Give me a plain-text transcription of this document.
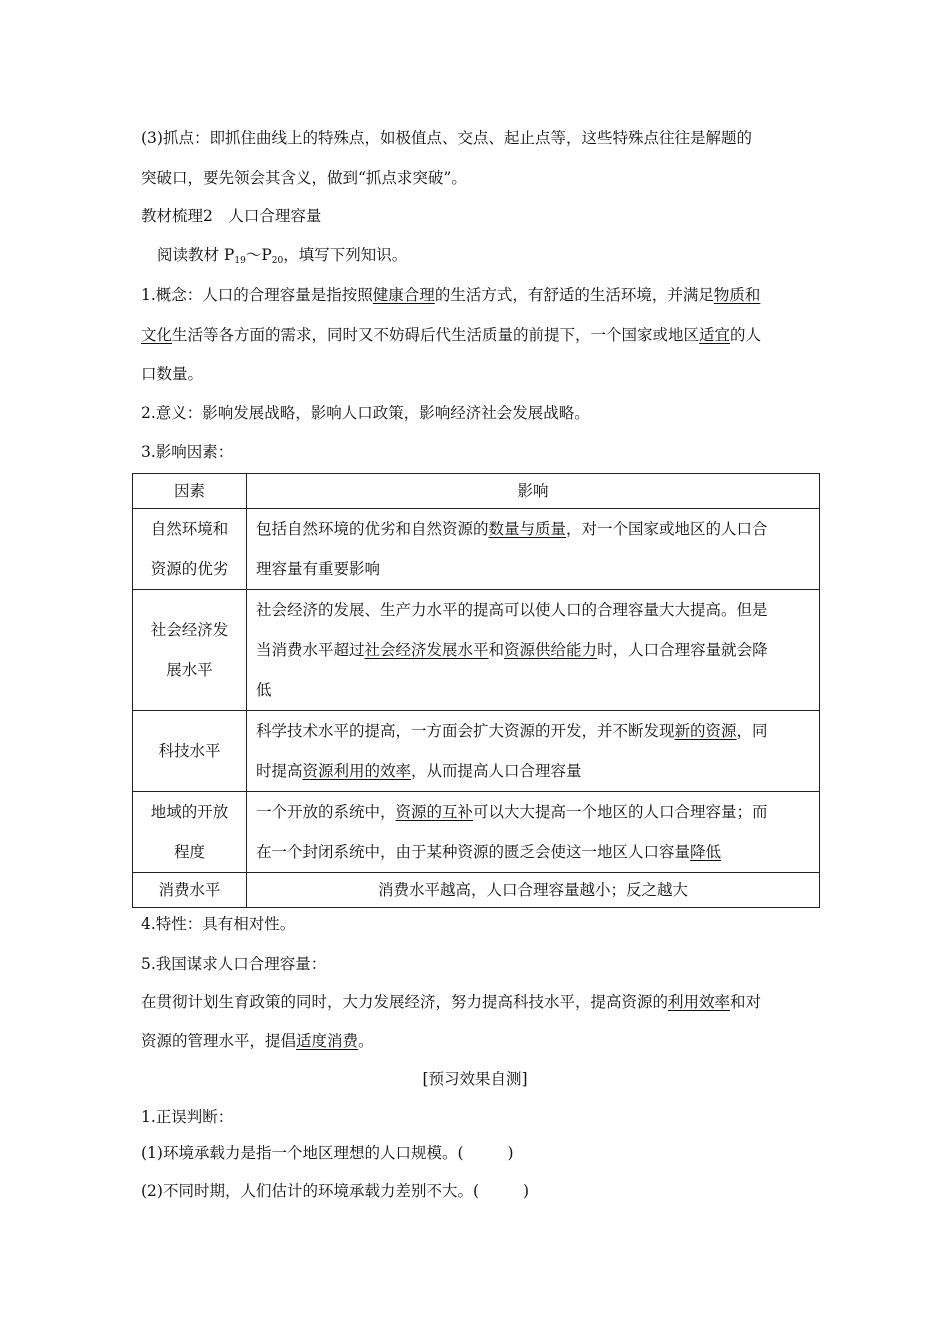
(3)抓点：即抓住曲线上的特殊点，如极值点、交点、起止点等，这些特殊点往往是解题的
突破口，要先领会其含义，做到“抓点求突破”。
教材梳理2　人口合理容量
阅读教材 $P_{19}\sim P_{20}$，填写下列知识。
1.概念：人口的合理容量是指按照健康合理的生活方式，有舒适的生活环境，并满足物质和
文化生活等各方面的需求，同时又不妨碍后代生活质量的前提下，一个国家或地区适宜的人
口数量。
2.意义：影响发展战略，影响人口政策，影响经济社会发展战略。
3.影响因素：
因素	影响
自然环境和
资源的优劣	包括自然环境的优劣和自然资源的数量与质量，对一个国家或地区的人口合
理容量有重要影响
社会经济发
展水平	社会经济的发展、生产力水平的提高可以使人口的合理容量大大提高。但是
当消费水平超过社会经济发展水平和资源供给能力时，人口合理容量就会降
低
科技水平	科学技术水平的提高，一方面会扩大资源的开发，并不断发现新的资源，同
时提高资源利用的效率，从而提高人口合理容量
地域的开放
程度	一个开放的系统中，资源的互补可以大大提高一个地区的人口合理容量；而
在一个封闭系统中，由于某种资源的匮乏会使这一地区人口容量降低
消费水平	消费水平越高，人口合理容量越小；反之越大
4.特性：具有相对性。
5.我国谋求人口合理容量：
在贯彻计划生育政策的同时，大力发展经济，努力提高科技水平，提高资源的利用效率和对
资源的管理水平，提倡适度消费。
[预习效果自测]
1.正误判断：
(1)环境承载力是指一个地区理想的人口规模。(	)
(2)不同时期，人们估计的环境承载力差别不大。(	)
